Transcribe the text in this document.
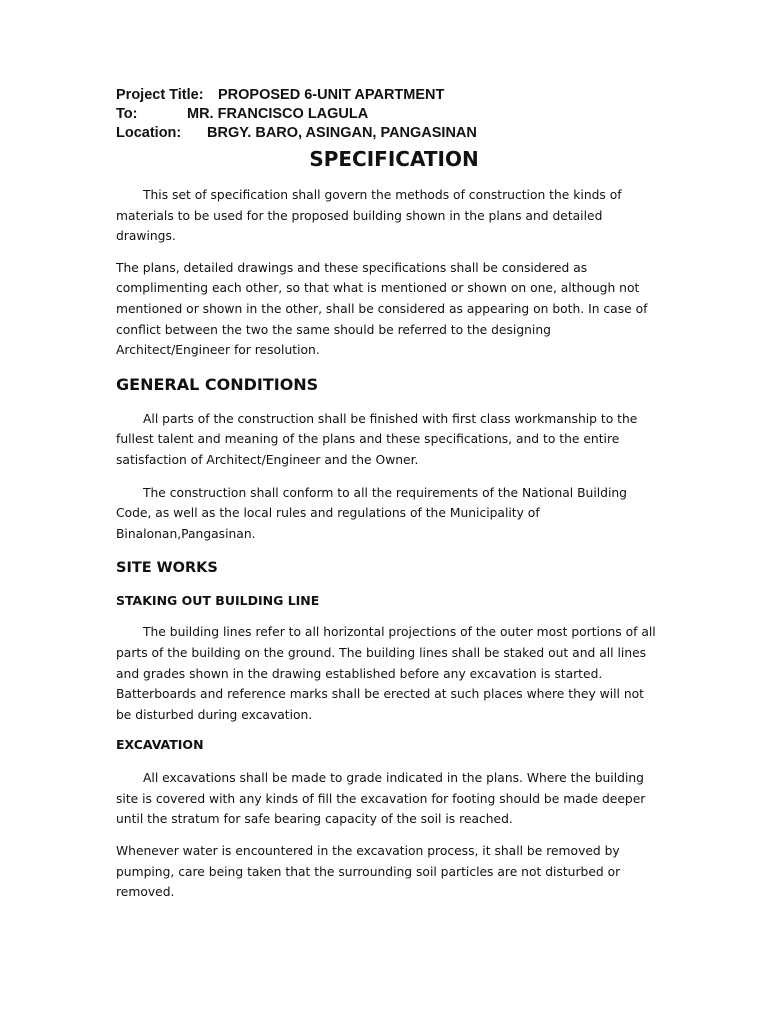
Project Title: PROPOSED 6-UNIT APARTMENT
To:	MR. FRANCISCO LAGULA
Location: BRGY. BARO, ASINGAN, PANGASINAN
SPECIFICATION

This set of specification shall govern the methods of construction the kinds of materials to be used for the proposed building shown in the plans and detailed drawings.

The plans, detailed drawings and these specifications shall be considered as complimenting each other, so that what is mentioned or shown on one, although not mentioned or shown in the other, shall be considered as appearing on both. In case of conflict between the two the same should be referred to the designing Architect/Engineer for resolution.

GENERAL CONDITIONS

All parts of the construction shall be finished with first class workmanship to the fullest talent and meaning of the plans and these specifications, and to the entire satisfaction of Architect/Engineer and the Owner.

The construction shall conform to all the requirements of the National Building Code, as well as the local rules and regulations of the Municipality of Binalonan,Pangasinan.

SITE WORKS
STAKING OUT BUILDING LINE

The building lines refer to all horizontal projections of the outer most portions of all parts of the building on the ground. The building lines shall be staked out and all lines and grades shown in the drawing established before any excavation is started. Batterboards and reference marks shall be erected at such places where they will not be disturbed during excavation.

EXCAVATION

All excavations shall be made to grade indicated in the plans. Where the building site is covered with any kinds of fill the excavation for footing should be made deeper until the stratum for safe bearing capacity of the soil is reached.

Whenever water is encountered in the excavation process, it shall be removed by pumping, care being taken that the surrounding soil particles are not disturbed or removed.
